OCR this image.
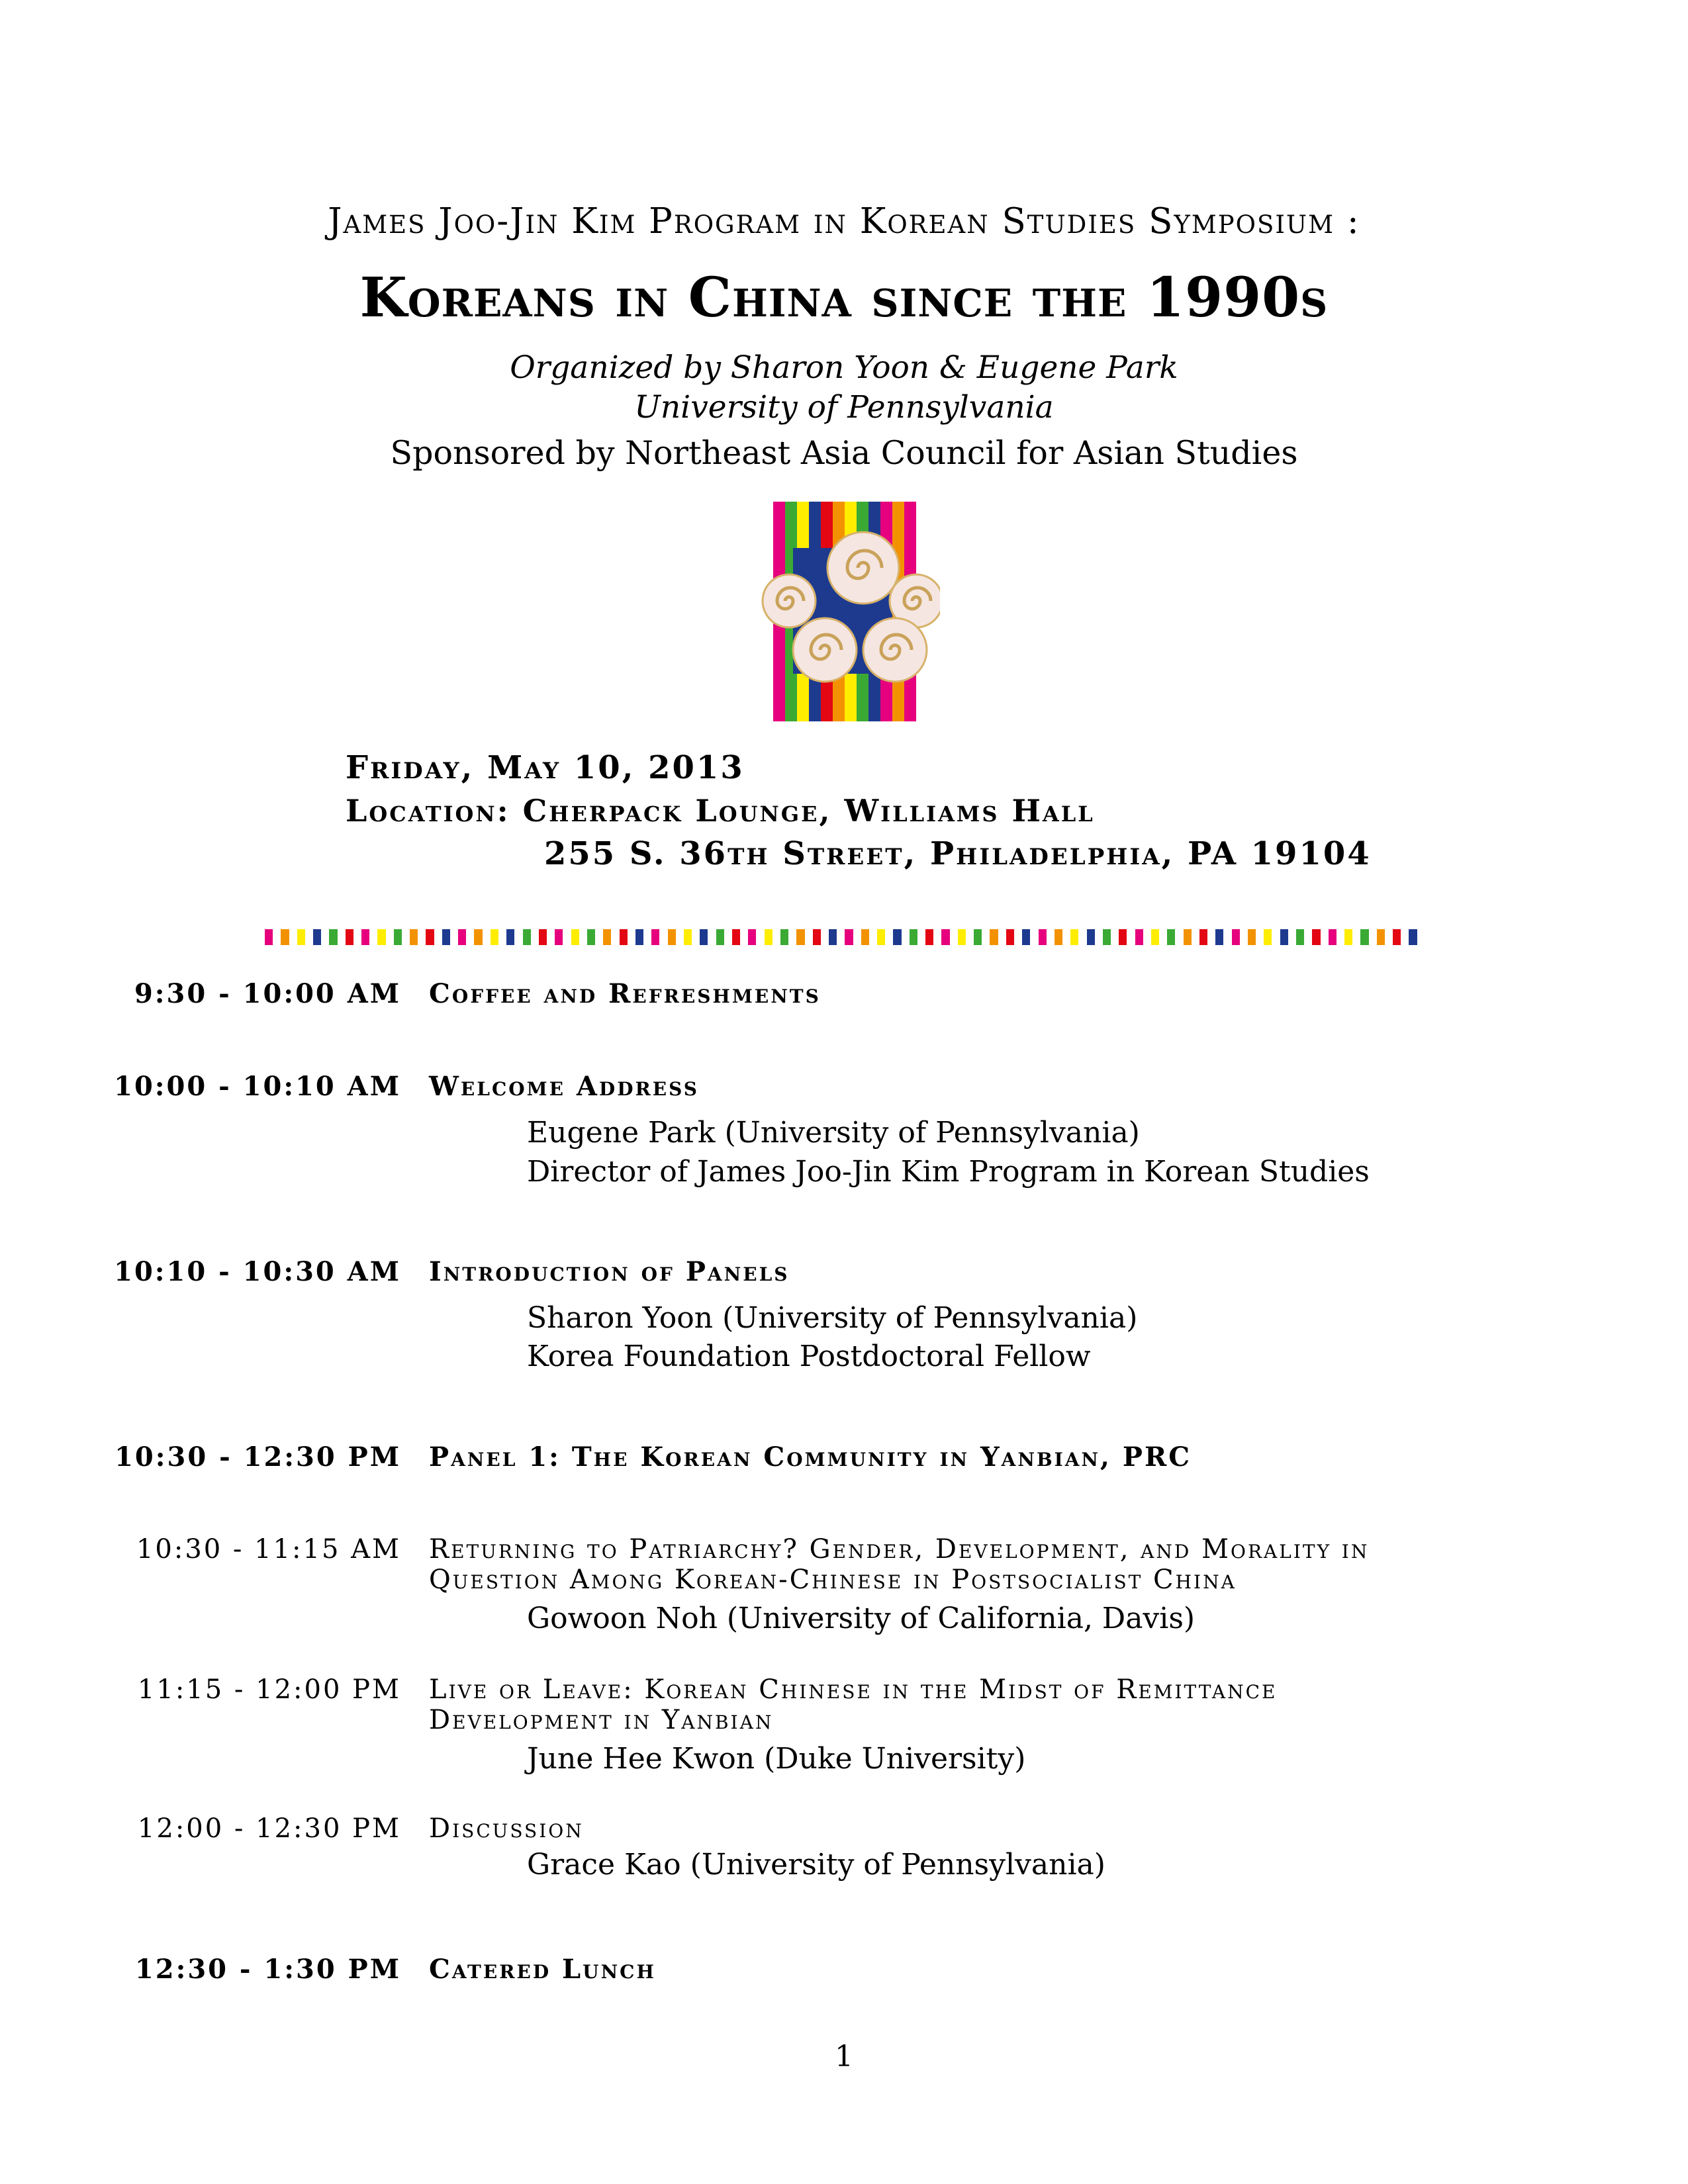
James Joo-Jin Kim Program in Korean Studies Symposium :
Koreans in China since the 1990s
Organized by Sharon Yoon & Eugene Park
University of Pennsylvania
Sponsored by Northeast Asia Council for Asian Studies
Friday, May 10, 2013
Location: Cherpack Lounge, Williams Hall
255 S. 36th Street, Philadelphia, PA 19104
9:30 - 10:00 AM Coffee and Refreshments
10:00 - 10:10 AM Welcome Address
Eugene Park (University of Pennsylvania)
Director of James Joo-Jin Kim Program in Korean Studies
10:10 - 10:30 AM Introduction of Panels
Sharon Yoon (University of Pennsylvania)
Korea Foundation Postdoctoral Fellow
10:30 - 12:30 PM Panel 1: The Korean Community in Yanbian, PRC
10:30 - 11:15 AM Returning to Patriarchy? Gender, Development, and Morality in
Question Among Korean-Chinese in Postsocialist China
Gowoon Noh (University of California, Davis)
11:15 - 12:00 PM Live or Leave: Korean Chinese in the Midst of Remittance
Development in Yanbian
June Hee Kwon (Duke University)
12:00 - 12:30 PM Discussion
Grace Kao (University of Pennsylvania)
12:30 - 1:30 PM Catered Lunch
1
